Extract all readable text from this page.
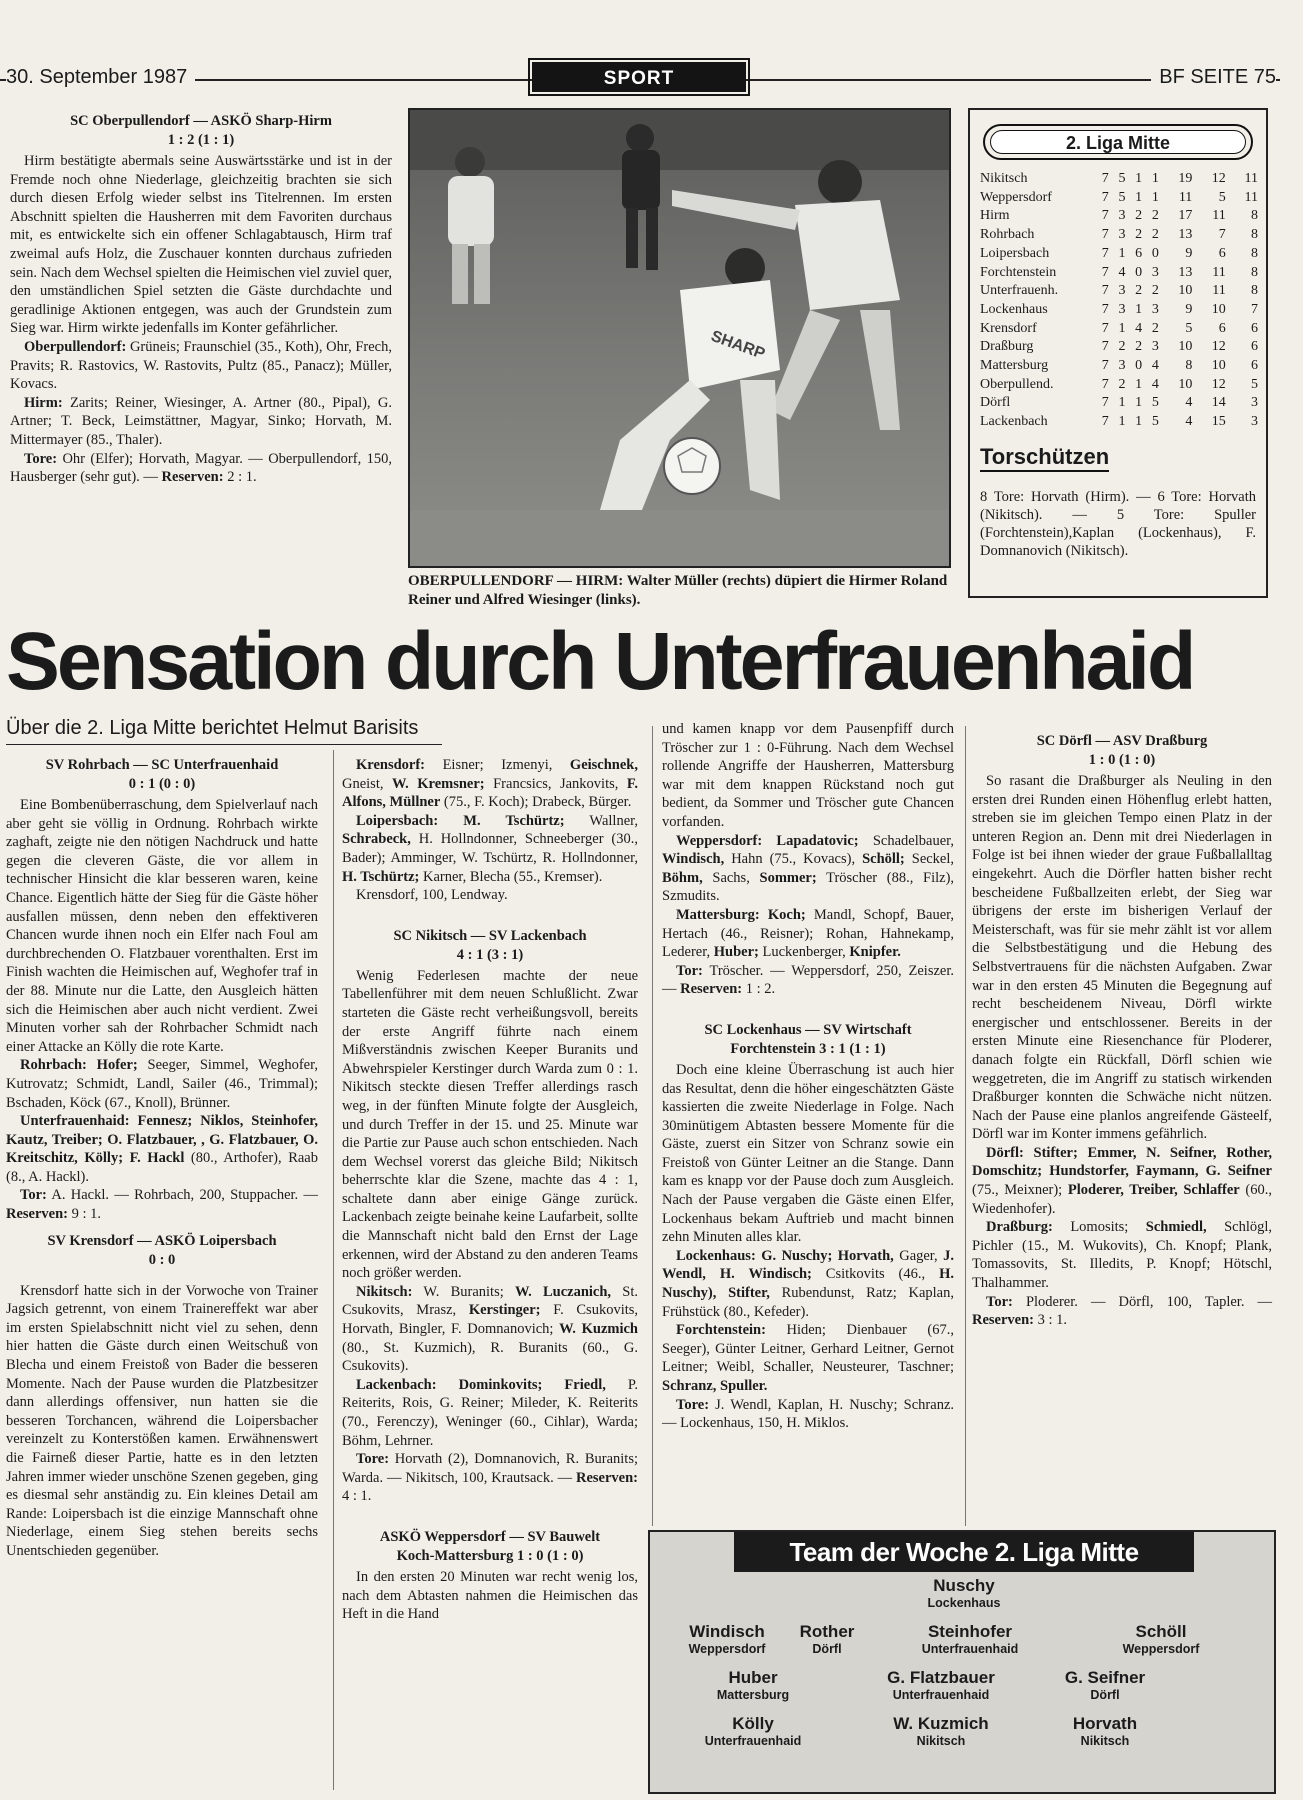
30. September 1987	SPORT	BF SEITE 75
SC Oberpullendorf — ASKÖ Sharp-Hirm
1 : 2 (1 : 1)

Hirm bestätigte abermals seine Auswärtsstärke und ist in der Fremde noch ohne Niederlage, gleichzeitig brachten sie sich durch diesen Erfolg wieder selbst ins Titelrennen. Im ersten Abschnitt spielten die Hausherren mit dem Favoriten durchaus mit, es entwickelte sich ein offener Schlagabtausch, Hirm traf zweimal aufs Holz, die Zuschauer konnten durchaus zufrieden sein. Nach dem Wechsel spielten die Heimischen viel zuviel quer, den umständlichen Spiel setzten die Gäste durchdachte und geradlinige Aktionen entgegen, was auch der Grundstein zum Sieg war. Hirm wirkte jedenfalls im Konter gefährlicher.

Oberpullendorf: Grüneis; Fraunschiel (35., Koth), Ohr, Frech, Pravits; R. Rastovics, W. Rastovits, Pultz (85., Panacz); Müller, Kovacs.

Hirm: Zarits; Reiner, Wiesinger, A. Artner (80., Pipal), G. Artner; T. Beck, Leimstättner, Magyar, Sinko; Horvath, M. Mittermayer (85., Thaler).

Tore: Ohr (Elfer); Horvath, Magyar. — Oberpullendorf, 150, Hausberger (sehr gut). — Reserven: 2 : 1.

SHARP
OBERPULLENDORF — HIRM: Walter Müller (rechts) düpiert die Hirmer Roland Reiner und Alfred Wiesinger (links).
2. Liga Mitte
Nikitsch	7	5	1	1	19	12	11
Weppersdorf	7	5	1	1	11	5	11
Hirm	7	3	2	2	17	11	8
Rohrbach	7	3	2	2	13	7	8
Loipersbach	7	1	6	0	9	6	8
Forchtenstein	7	4	0	3	13	11	8
Unterfrauenh.	7	3	2	2	10	11	8
Lockenhaus	7	3	1	3	9	10	7
Krensdorf	7	1	4	2	5	6	6
Draßburg	7	2	2	3	10	12	6
Mattersburg	7	3	0	4	8	10	6
Oberpullend.	7	2	1	4	10	12	5
Dörfl	7	1	1	5	4	14	3
Lackenbach	7	1	1	5	4	15	3
Torschützen
8 Tore: Horvath (Hirm). — 6 Tore: Horvath (Nikitsch). — 5 Tore: Spuller (Forchtenstein),Kaplan (Lockenhaus), F. Domnanovich (Nikitsch).
Sensation durch Unterfrauenhaid
Über die 2. Liga Mitte berichtet Helmut Barisits
SV Rohrbach — SC Unterfrauenhaid
0 : 1 (0 : 0)

Eine Bombenüberraschung, dem Spielverlauf nach aber geht sie völlig in Ordnung. Rohrbach wirkte zaghaft, zeigte nie den nötigen Nachdruck und hatte gegen die cleveren Gäste, die vor allem in technischer Hinsicht die klar besseren waren, keine Chance. Eigentlich hätte der Sieg für die Gäste höher ausfallen müssen, denn neben den effektiveren Chancen wurde ihnen noch ein Elfer nach Foul am durchbrechenden O. Flatzbauer vorenthalten. Erst im Finish wachten die Heimischen auf, Weghofer traf in der 88. Minute nur die Latte, den Ausgleich hätten sich die Heimischen aber auch nicht verdient. Zwei Minuten vorher sah der Rohrbacher Schmidt nach einer Attacke an Kölly die rote Karte.

Rohrbach: Hofer; Seeger, Simmel, Weghofer, Kutrovatz; Schmidt, Landl, Sailer (46., Trimmal); Bschaden, Köck (67., Knoll), Brünner.

Unterfrauenhaid: Fennesz; Niklos, Steinhofer, Kautz, Treiber; O. Flatzbauer, , G. Flatzbauer, O. Kreitschitz, Kölly; F. Hackl (80., Arthofer), Raab (8., A. Hackl).

Tor: A. Hackl. — Rohrbach, 200, Stuppacher. — Reserven: 9 : 1.

SV Krensdorf — ASKÖ Loipersbach
0 : 0

Krensdorf hatte sich in der Vorwoche von Trainer Jagsich getrennt, von einem Trainereffekt war aber im ersten Spielabschnitt nicht viel zu sehen, denn hier hatten die Gäste durch einen Weitschuß von Blecha und einem Freistoß von Bader die besseren Momente. Nach der Pause wurden die Platzbesitzer dann allerdings offensiver, nun hatten sie die besseren Torchancen, während die Loipersbacher vereinzelt zu Konterstößen kamen. Erwähnenswert die Fairneß dieser Partie, hatte es in den letzten Jahren immer wieder unschöne Szenen gegeben, ging es diesmal sehr anständig zu. Ein kleines Detail am Rande: Loipersbach ist die einzige Mannschaft ohne Niederlage, einem Sieg stehen bereits sechs Unentschieden gegenüber.

Krensdorf: Eisner; Izmenyi, Geischnek, Gneist, W. Kremsner; Francsics, Jankovits, F. Alfons, Müllner (75., F. Koch); Drabeck, Bürger.

Loipersbach: M. Tschürtz; Wallner, Schrabeck, H. Hollndonner, Schneeberger (30., Bader); Amminger, W. Tschürtz, R. Hollndonner, H. Tschürtz; Karner, Blecha (55., Kremser).

Krensdorf, 100, Lendway.

SC Nikitsch — SV Lackenbach
4 : 1 (3 : 1)

Wenig Federlesen machte der neue Tabellenführer mit dem neuen Schlußlicht. Zwar starteten die Gäste recht verheißungsvoll, bereits der erste Angriff führte nach einem Mißverständnis zwischen Keeper Buranits und Abwehrspieler Kerstinger durch Warda zum 0 : 1. Nikitsch steckte diesen Treffer allerdings rasch weg, in der fünften Minute folgte der Ausgleich, und durch Treffer in der 15. und 25. Minute war die Partie zur Pause auch schon entschieden. Nach dem Wechsel vorerst das gleiche Bild; Nikitsch beherrschte klar die Szene, machte das 4 : 1, schaltete dann aber einige Gänge zurück. Lackenbach zeigte beinahe keine Laufarbeit, sollte die Mannschaft nicht bald den Ernst der Lage erkennen, wird der Abstand zu den anderen Teams noch größer werden.

Nikitsch: W. Buranits; W. Luczanich, St. Csukovits, Mrasz, Kerstinger; F. Csukovits, Horvath, Bingler, F. Domnanovich; W. Kuzmich (80., St. Kuzmich), R. Buranits (60., G. Csukovits).

Lackenbach: Dominkovits; Friedl, P. Reiterits, Rois, G. Reiner; Mileder, K. Reiterits (70., Ferenczy), Weninger (60., Cihlar), Warda; Böhm, Lehrner.

Tore: Horvath (2), Domnanovich, R. Buranits; Warda. — Nikitsch, 100, Krautsack. — Reserven: 4 : 1.

ASKÖ Weppersdorf — SV Bauwelt
Koch-Mattersburg 1 : 0 (1 : 0)

In den ersten 20 Minuten war recht wenig los, nach dem Abtasten nahmen die Heimischen das Heft in die Hand

und kamen knapp vor dem Pausenpfiff durch Tröscher zur 1 : 0-Führung. Nach dem Wechsel rollende Angriffe der Hausherren, Mattersburg war mit dem knappen Rückstand noch gut bedient, da Sommer und Tröscher gute Chancen vorfanden.

Weppersdorf: Lapadatovic; Schadelbauer, Windisch, Hahn (75., Kovacs), Schöll; Seckel, Böhm, Sachs, Sommer; Tröscher (88., Filz), Szmudits.

Mattersburg: Koch; Mandl, Schopf, Bauer, Hertach (46., Reisner); Rohan, Hahnekamp, Lederer, Huber; Luckenberger, Knipfer.

Tor: Tröscher. — Weppersdorf, 250, Zeiszer. — Reserven: 1 : 2.

SC Lockenhaus — SV Wirtschaft
Forchtenstein 3 : 1 (1 : 1)

Doch eine kleine Überraschung ist auch hier das Resultat, denn die höher eingeschätzten Gäste kassierten die zweite Niederlage in Folge. Nach 30minütigem Abtasten bessere Momente für die Gäste, zuerst ein Sitzer von Schranz sowie ein Freistoß von Günter Leitner an die Stange. Dann kam es knapp vor der Pause doch zum Ausgleich. Nach der Pause vergaben die Gäste einen Elfer, Lockenhaus bekam Auftrieb und macht binnen zehn Minuten alles klar.

Lockenhaus: G. Nuschy; Horvath, Gager, J. Wendl, H. Windisch; Csitkovits (46., H. Nuschy), Stifter, Rubendunst, Ratz; Kaplan, Frühstück (80., Kefeder).

Forchtenstein: Hiden; Dienbauer (67., Seeger), Günter Leitner, Gerhard Leitner, Gernot Leitner; Weibl, Schaller, Neusteurer, Taschner; Schranz, Spuller.

Tore: J. Wendl, Kaplan, H. Nuschy; Schranz. — Lockenhaus, 150, H. Miklos.

SC Dörfl — ASV Draßburg
1 : 0 (1 : 0)

So rasant die Draßburger als Neuling in den ersten drei Runden einen Höhenflug erlebt hatten, streben sie im gleichen Tempo einen Platz in der unteren Region an. Denn mit drei Niederlagen in Folge ist bei ihnen wieder der graue Fußballalltag eingekehrt. Auch die Dörfler hatten bisher recht bescheidene Fußballzeiten erlebt, der Sieg war übrigens der erste im bisherigen Verlauf der Meisterschaft, was für sie mehr zählt ist vor allem die Selbstbestätigung und die Hebung des Selbstvertrauens für die nächsten Aufgaben. Zwar war in den ersten 45 Minuten die Begegnung auf recht bescheidenem Niveau, Dörfl wirkte energischer und entschlossener. Bereits in der ersten Minute eine Riesenchance für Ploderer, danach folgte ein Rückfall, Dörfl schien wie weggetreten, die im Angriff zu statisch wirkenden Draßburger konnten die Schwäche nicht nützen. Nach der Pause eine planlos angreifende Gästeelf, Dörfl war im Konter immens gefährlich.

Dörfl: Stifter; Emmer, N. Seifner, Rother, Domschitz; Hundstorfer, Faymann, G. Seifner (75., Meixner); Ploderer, Treiber, Schlaffer (60., Wiedenhofer).

Draßburg: Lomosits; Schmiedl, Schlögl, Pichler (15., M. Wukovits), Ch. Knopf; Plank, Tomassovits, St. Illedits, P. Knopf; Hötschl, Thalhammer.

Tor: Ploderer. — Dörfl, 100, Tapler. — Reserven: 3 : 1.

Team der Woche 2. Liga Mitte
Nuschy
Lockenhaus
Windisch
Weppersdorf
Rother
Dörfl
Steinhofer
Unterfrauenhaid
Schöll
Weppersdorf
Huber
Mattersburg
G. Flatzbauer
Unterfrauenhaid
G. Seifner
Dörfl
Kölly
Unterfrauenhaid
W. Kuzmich
Nikitsch
Horvath
Nikitsch
